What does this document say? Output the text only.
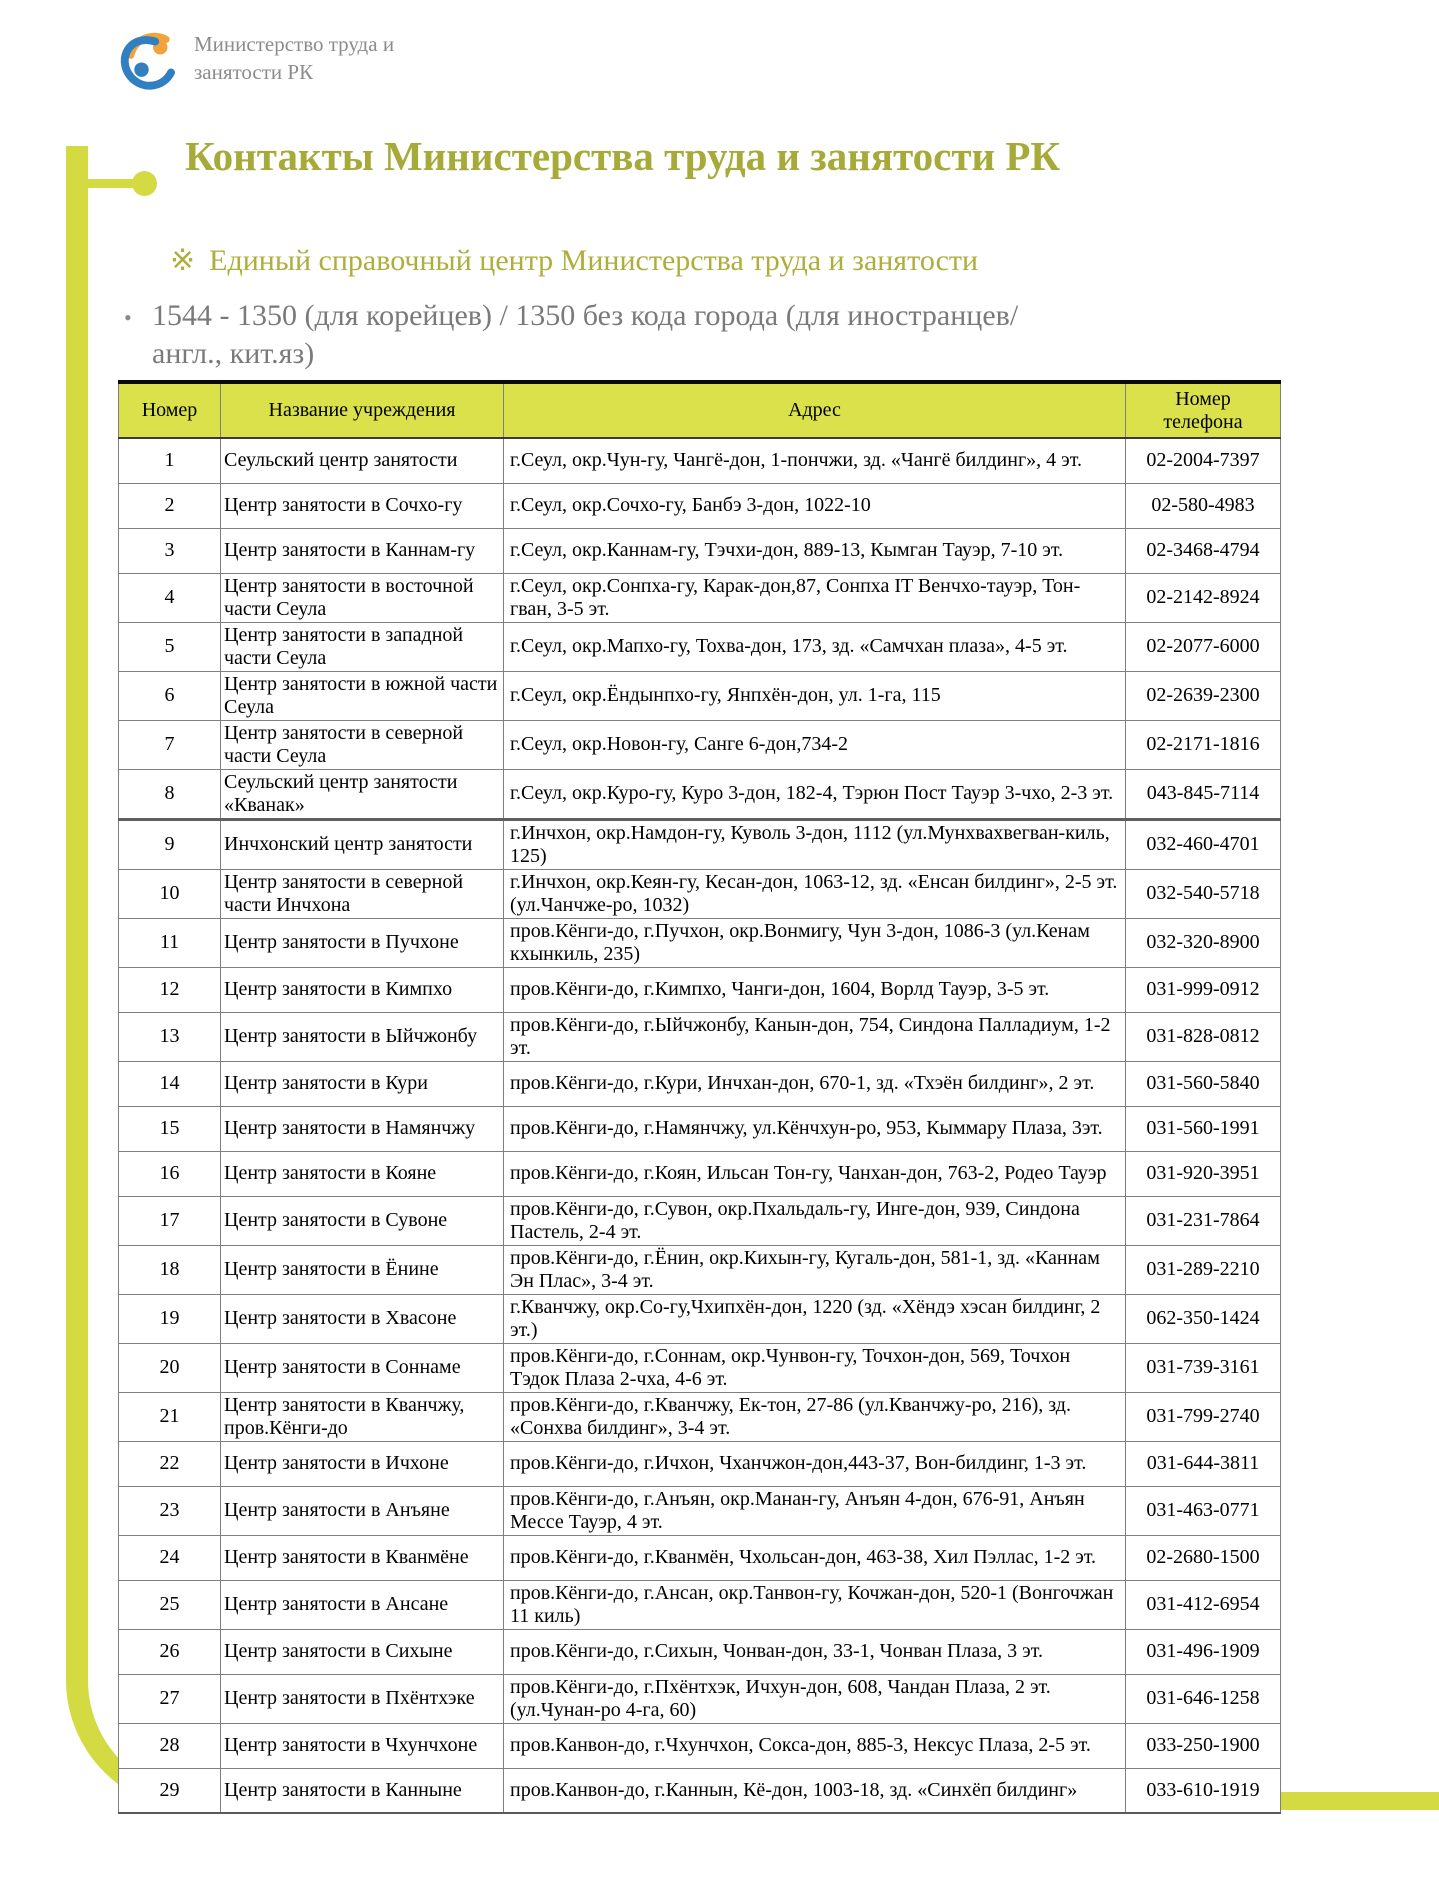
Министерство труда и
занятости РК
Контакты Министерства труда и занятости РК
※ Единый справочный центр Министерства труда и занятости
• 1544 - 1350 (для корейцев) / 1350 без кода города (для иностранцев/ англ., кит.яз)
Номер	Название учреждения	Адрес	Номер телефона
1	Сеульский центр занятости	г.Сеул, окр.Чун-гу, Чангё-дон, 1-пончжи, зд. «Чангё билдинг», 4 эт.	02-2004-7397
2	Центр занятости в Сочхо-гу	г.Сеул, окр.Сочхо-гу, Банбэ 3-дон, 1022-10	02-580-4983
3	Центр занятости в Каннам-гу	г.Сеул, окр.Каннам-гу, Тэчхи-дон, 889-13, Кымган Тауэр, 7-10 эт.	02-3468-4794
4	Центр занятости в восточной части Сеула	г.Сеул, окр.Сонпха-гу, Карак-дон,87, Сонпха IT Венчхо-тауэр, Тон-гван, 3-5 эт.	02-2142-8924
5	Центр занятости в западной части Сеула	г.Сеул, окр.Мапхо-гу, Тохва-дон, 173, зд. «Самчхан плаза», 4-5 эт.	02-2077-6000
6	Центр занятости в южной части Сеула	г.Сеул, окр.Ёндынпхо-гу, Янпхён-дон, ул. 1-га, 115	02-2639-2300
7	Центр занятости в северной части Сеула	г.Сеул, окр.Новон-гу, Санге 6-дон,734-2	02-2171-1816
8	Сеульский центр занятости «Кванак»	г.Сеул, окр.Куро-гу, Куро 3-дон, 182-4, Тэрюн Пост Тауэр 3-чхо, 2-3 эт.	043-845-7114
9	Инчхонский центр занятости	г.Инчхон, окр.Намдон-гу, Куволь 3-дон, 1112 (ул.Мунхвахвегван-киль, 125)	032-460-4701
10	Центр занятости в северной части Инчхона	г.Инчхон, окр.Кеян-гу, Кесан-дон, 1063-12, зд. «Енсан билдинг», 2-5 эт. (ул.Чанчже-ро, 1032)	032-540-5718
11	Центр занятости в Пучхоне	пров.Кёнги-до, г.Пучхон, окр.Вонмигу, Чун 3-дон, 1086-3 (ул.Кенам кхынкиль, 235)	032-320-8900
12	Центр занятости в Кимпхо	пров.Кёнги-до, г.Кимпхо, Чанги-дон, 1604, Ворлд Тауэр, 3-5 эт.	031-999-0912
13	Центр занятости в Ыйчжонбу	пров.Кёнги-до, г.Ыйчжонбу, Канын-дон, 754, Синдона Палладиум, 1-2 эт.	031-828-0812
14	Центр занятости в Кури	пров.Кёнги-до, г.Кури, Инчхан-дон, 670-1, зд. «Тхэён билдинг», 2 эт.	031-560-5840
15	Центр занятости в Намянчжу	пров.Кёнги-до, г.Намянчжу, ул.Кёнчхун-ро, 953, Кыммару Плаза, 3эт.	031-560-1991
16	Центр занятости в Кояне	пров.Кёнги-до, г.Коян, Ильсан Тон-гу, Чанхан-дон, 763-2, Родео Тауэр	031-920-3951
17	Центр занятости в Сувоне	пров.Кёнги-до, г.Сувон, окр.Пхальдаль-гу, Инге-дон, 939, Синдона Пастель, 2-4 эт.	031-231-7864
18	Центр занятости в Ёнине	пров.Кёнги-до, г.Ёнин, окр.Кихын-гу, Кугаль-дон, 581-1, зд. «Каннам Эн Плас», 3-4 эт.	031-289-2210
19	Центр занятости в Хвасоне	г.Кванчжу, окр.Со-гу,Чхипхён-дон, 1220 (зд. «Хёндэ хэсан билдинг, 2 эт.)	062-350-1424
20	Центр занятости в Соннаме	пров.Кёнги-до, г.Соннам, окр.Чунвон-гу, Точхон-дон, 569, Точхон Тэдок Плаза 2-чха, 4-6 эт.	031-739-3161
21	Центр занятости в Кванчжу, пров.Кёнги-до	пров.Кёнги-до, г.Кванчжу, Ек-тон, 27-86 (ул.Кванчжу-ро, 216), зд. «Сонхва билдинг», 3-4 эт.	031-799-2740
22	Центр занятости в Ичхоне	пров.Кёнги-до, г.Ичхон, Чханчжон-дон,443-37, Вон-билдинг, 1-3 эт.	031-644-3811
23	Центр занятости в Анъяне	пров.Кёнги-до, г.Анъян, окр.Манан-гу, Анъян 4-дон, 676-91, Анъян Мессе Тауэр, 4 эт.	031-463-0771
24	Центр занятости в Кванмёне	пров.Кёнги-до, г.Кванмён, Чхольсан-дон, 463-38, Хил Пэллас, 1-2 эт.	02-2680-1500
25	Центр занятости в Ансане	пров.Кёнги-до, г.Ансан, окр.Танвон-гу, Кочжан-дон, 520-1 (Вонгочжан 11 киль)	031-412-6954
26	Центр занятости в Сихыне	пров.Кёнги-до, г.Сихын, Чонван-дон, 33-1, Чонван Плаза, 3 эт.	031-496-1909
27	Центр занятости в Пхёнтхэке	пров.Кёнги-до, г.Пхёнтхэк, Ичхун-дон, 608, Чандан Плаза, 2 эт. (ул.Чунан-ро 4-га, 60)	031-646-1258
28	Центр занятости в Чхунчхоне	пров.Канвон-до, г.Чхунчхон, Сокса-дон, 885-3, Нексус Плаза, 2-5 эт.	033-250-1900
29	Центр занятости в Канныне	пров.Канвон-до, г.Каннын, Кё-дон, 1003-18, зд. «Синхёп билдинг»	033-610-1919
